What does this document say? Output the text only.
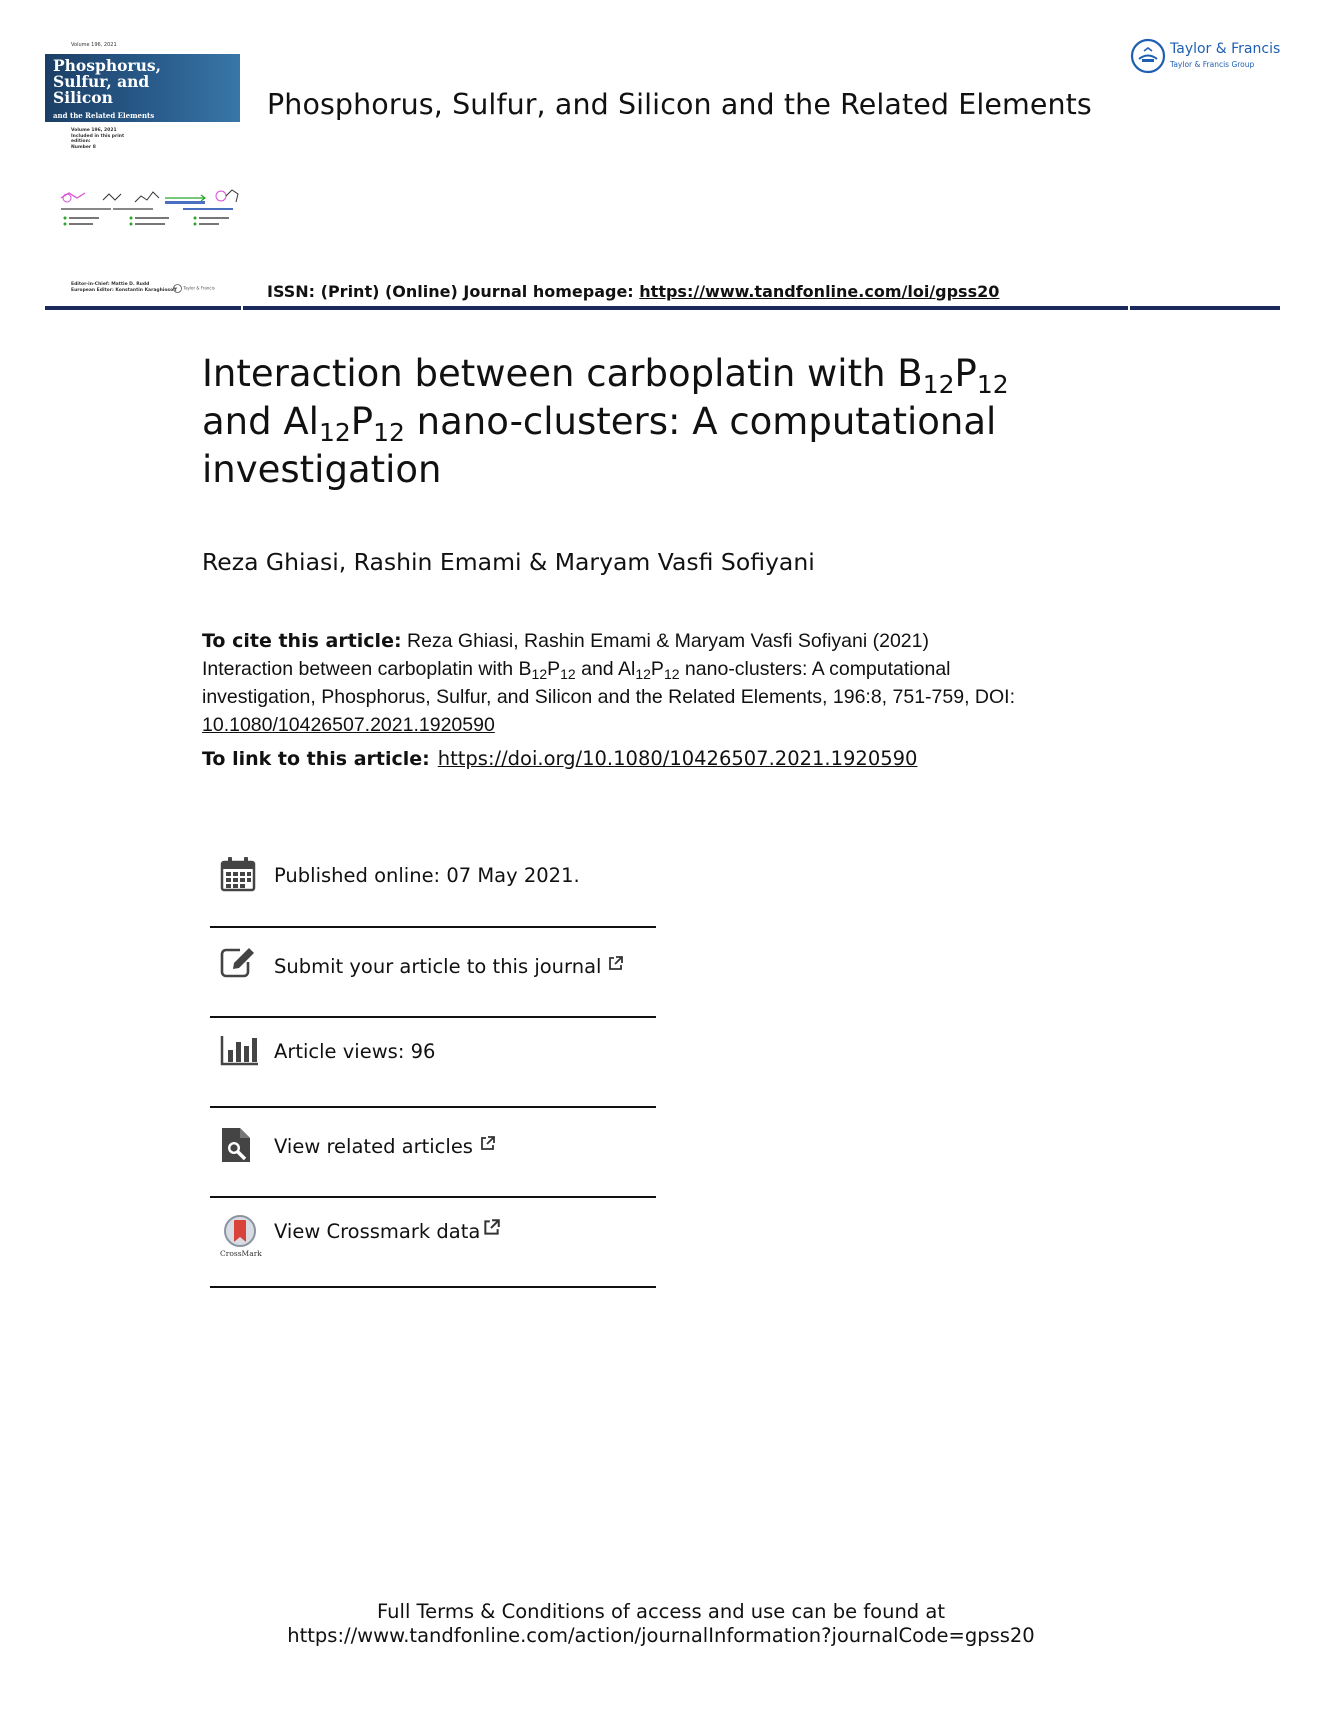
Volume 196, 2021
Phosphorus,
Sulfur, and
Silicon
and the Related Elements
Volume 196, 2021
Included in this print edition:
Number 8
Editor-in-Chief: Mattie D. Rudd
European Editor: Konstantin Karaghiosoff	Taylor & Francis
Phosphorus, Sulfur, and Silicon and the Related Elements
Taylor & Francis
Taylor & Francis Group
ISSN: (Print) (Online) Journal homepage: https://www.tandfonline.com/loi/gpss20
Interaction between carboplatin with $B_{12}P_{12}$
and $Al_{12}P_{12}$ nano-clusters: A computational
investigation
Reza Ghiasi, Rashin Emami & Maryam Vasfi Sofiyani
To cite this article: Reza Ghiasi, Rashin Emami & Maryam Vasfi Sofiyani (2021)
Interaction between carboplatin with $B_{12}P_{12}$ and $Al_{12}P_{12}$ nano-clusters: A computational
investigation, Phosphorus, Sulfur, and Silicon and the Related Elements, 196:8, 751-759, DOI:
10.1080/10426507.2021.1920590
To link to this article: https://doi.org/10.1080/10426507.2021.1920590
Published online: 07 May 2021.
Submit your article to this journal
Article views: 96
View related articles
CrossMark
View Crossmark data
Full Terms & Conditions of access and use can be found at
https://www.tandfonline.com/action/journalInformation?journalCode=gpss20
